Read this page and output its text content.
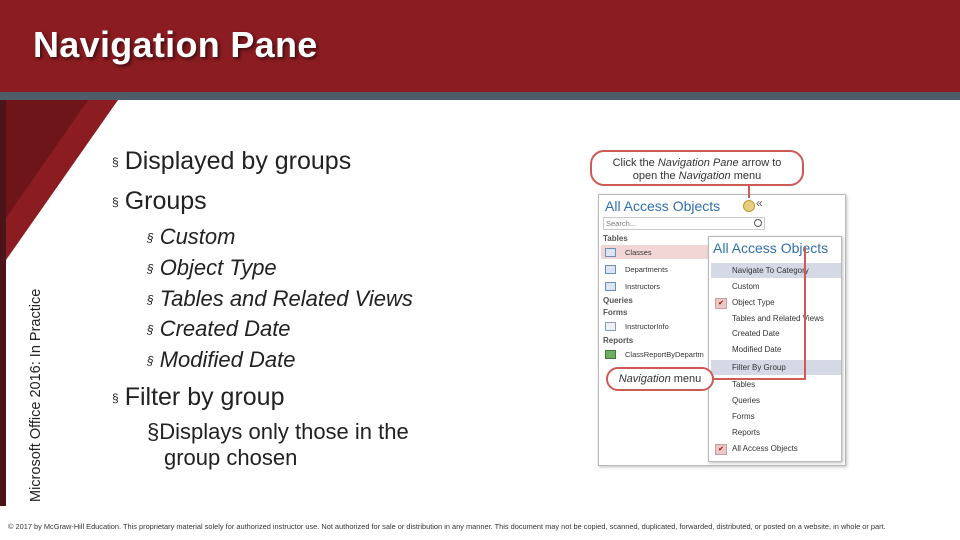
Navigation Pane
Microsoft Office 2016: In Practice
§ Displayed by groups
§ Groups
§ Custom
§ Object Type
§ Tables and Related Views
§ Created Date
§ Modified Date
§ Filter by group
§Displays only those in the
group chosen
Click the Navigation Pane arrow to
open the Navigation menu
All Access Objects	«
Search...
Tables
Classes
Departments
Instructors
Queries
Forms
InstructorInfo
Reports
ClassReportByDepartm
All Access Objects
Navigate To Category
Custom
✔	Object Type
Tables and Related Views
Created Date
Modified Date
Filter By Group
Tables
Queries
Forms
Reports
✔	All Access Objects
Navigation menu
© 2017 by McGraw-Hill Education. This proprietary material solely for authorized instructor use. Not authorized for sale or distribution in any manner. This document may not be copied, scanned, duplicated, forwarded, distributed, or posted on a website, in whole or part.
